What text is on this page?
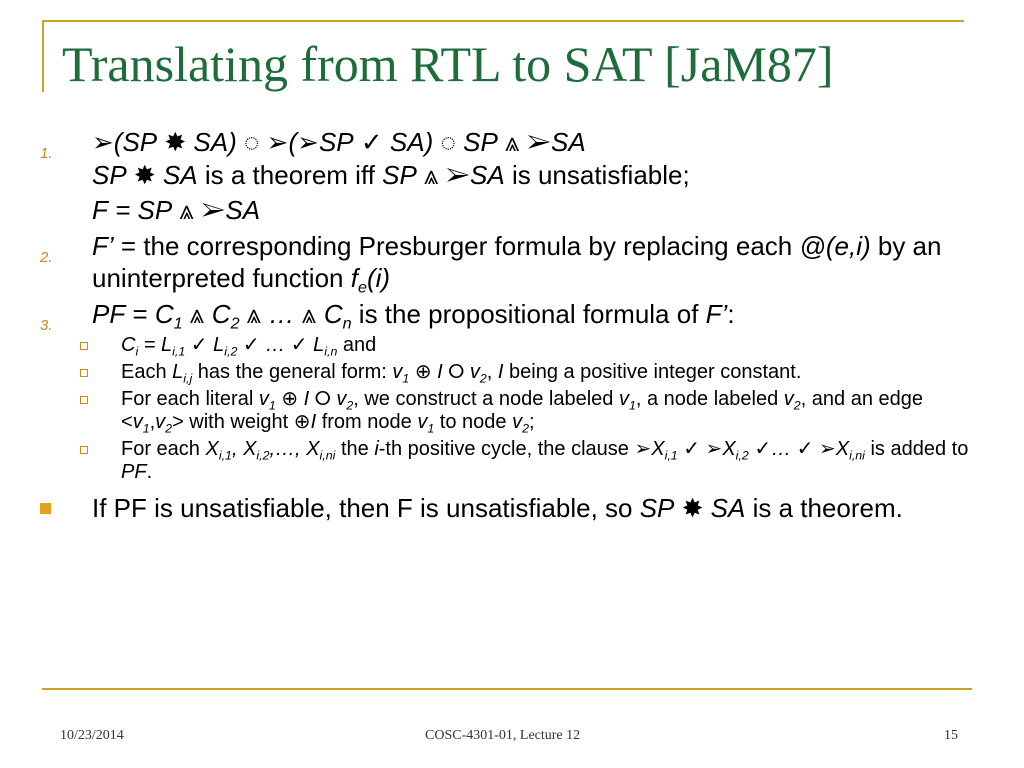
Translating from RTL to SAT [JaM87]
1. ➢(SP ✸ SA) ◌ ➢(➢SP ✓ SA) ◌ SP ⩓ ➢SA
SP ✸ SA is a theorem iff SP ⩓ ➢SA is unsatisfiable;
F = SP ⩓ ➢SA
2. F’ = the corresponding Presburger formula by replacing each @(e,i) by an uninterpreted function $f_e(i)$
3. PF = $C_1$ ⩓ $C_2$ ⩓ … ⩓ $C_n$ is the propositional formula of F’:
$C_i = L_{i,1}$ ✓ $L_{i,2}$ ✓ … ✓ $L_{i,n}$ and
Each $L_{i,j}$ has the general form: $v_1$ ⊕ I ⭘ $v_2$, I being a positive integer constant.
For each literal $v_1$ ⊕ I ⭘ $v_2$, we construct a node labeled $v_1$, a node labeled $v_2$, and an edge $<v_1,v_2>$ with weight ⊕I from node $v_1$ to node $v_2$;
For each $X_{i,1}$, $X_{i,2},\dots$, $X_{i,ni}$ the i-th positive cycle, the clause $➢X_{i,1}$ ✓ $➢X_{i,2}$ ✓… ✓ $➢X_{i,ni}$ is added to PF.
If PF is unsatisfiable, then F is unsatisfiable, so SP ✸ SA is a theorem.
10/23/2014	COSC-4301-01, Lecture 12	15
